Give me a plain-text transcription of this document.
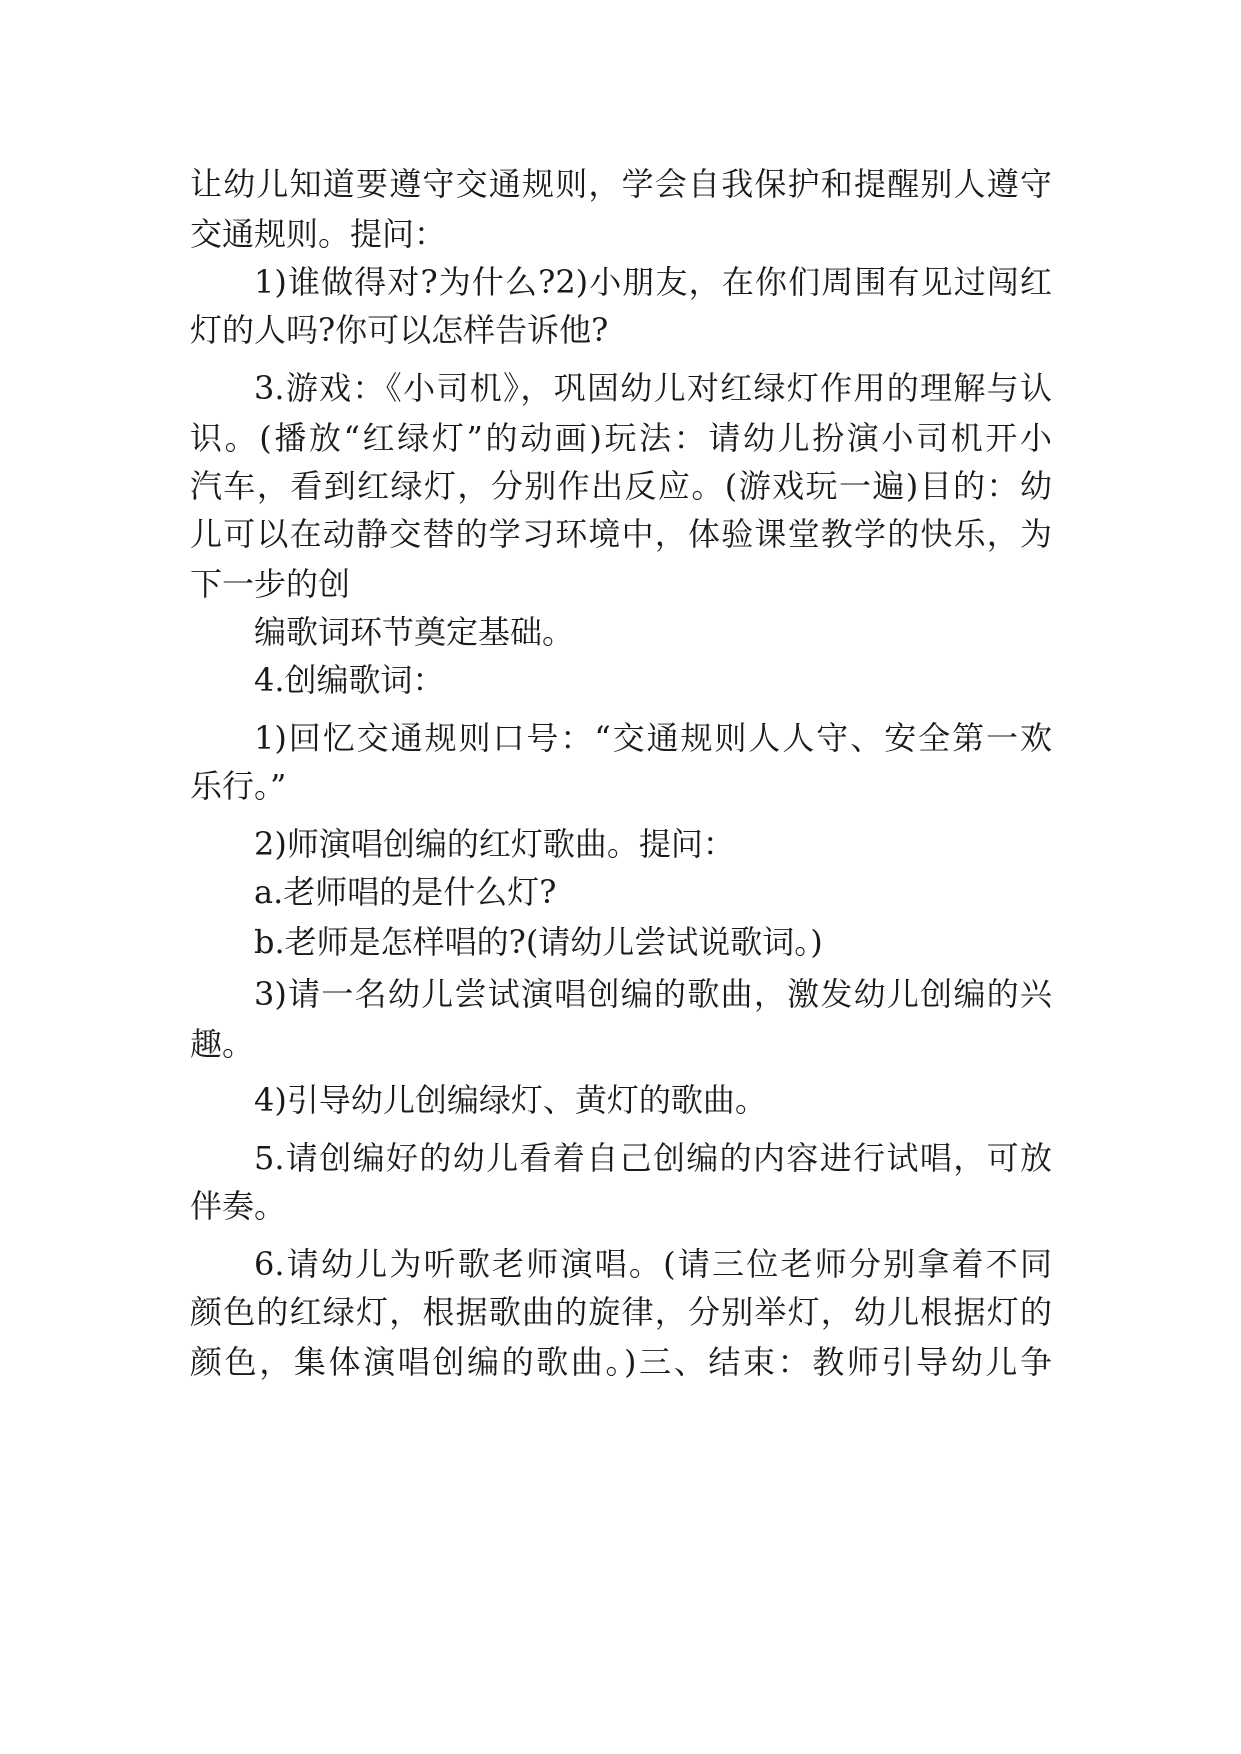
让幼儿知道要遵守交通规则，学会自我保护和提醒别人遵守
交通规则。提问：
1)谁做得对?为什么?2)小朋友，在你们周围有见过闯红
灯的人吗?你可以怎样告诉他?
3.游戏：《小司机》，巩固幼儿对红绿灯作用的理解与认
识。(播放“红绿灯”的动画)玩法：请幼儿扮演小司机开小
汽车，看到红绿灯，分别作出反应。(游戏玩一遍)目的：幼
儿可以在动静交替的学习环境中，体验课堂教学的快乐，为
下一步的创
编歌词环节奠定基础。
4.创编歌词：
1)回忆交通规则口号：“交通规则人人守、安全第一欢
乐行。”
2)师演唱创编的红灯歌曲。提问：
a.老师唱的是什么灯?
b.老师是怎样唱的?(请幼儿尝试说歌词。)
3)请一名幼儿尝试演唱创编的歌曲，激发幼儿创编的兴
趣。
4)引导幼儿创编绿灯、黄灯的歌曲。
5.请创编好的幼儿看着自己创编的内容进行试唱，可放
伴奏。
6.请幼儿为听歌老师演唱。(请三位老师分别拿着不同
颜色的红绿灯，根据歌曲的旋律，分别举灯，幼儿根据灯的
颜色，集体演唱创编的歌曲。)三、结束：教师引导幼儿争
